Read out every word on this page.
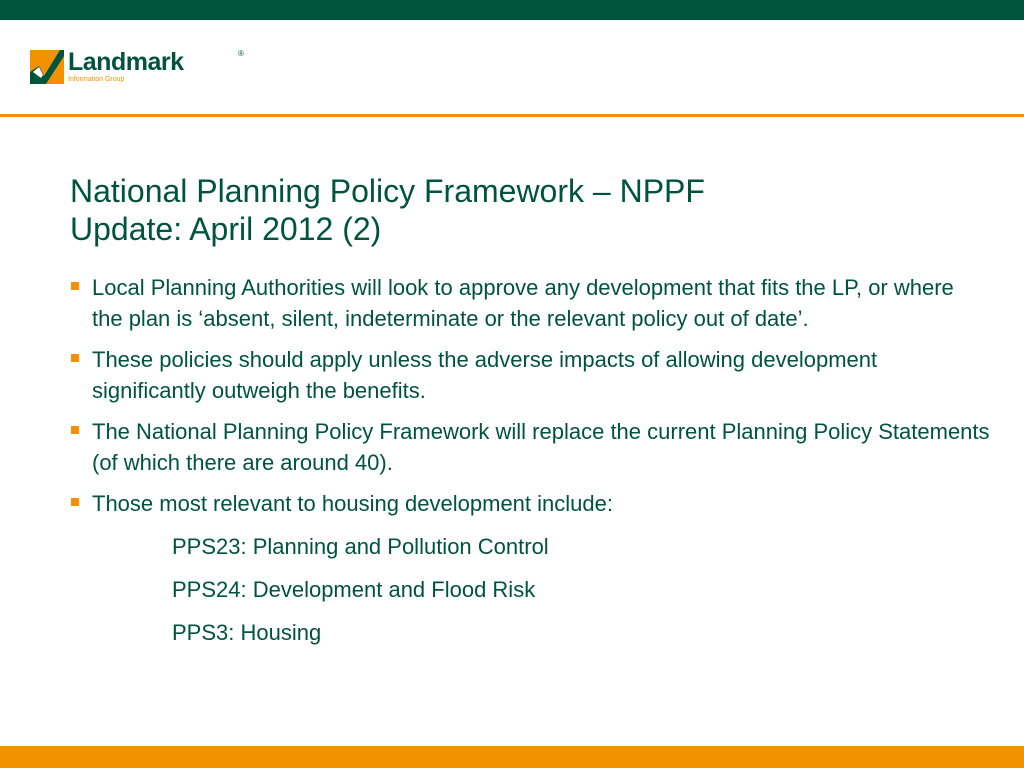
Landmark	®
Information Group
National Planning Policy Framework – NPPF
Update: April 2012 (2)
Local Planning Authorities will look to approve any development that fits the LP, or where the plan is ‘absent, silent, indeterminate or the relevant policy out of date’.
These policies should apply unless the adverse impacts of allowing development significantly outweigh the benefits.
The National Planning Policy Framework will replace the current Planning Policy Statements (of which there are around 40).
Those most relevant to housing development include:
PPS23: Planning and Pollution Control
PPS24: Development and Flood Risk
PPS3: Housing
